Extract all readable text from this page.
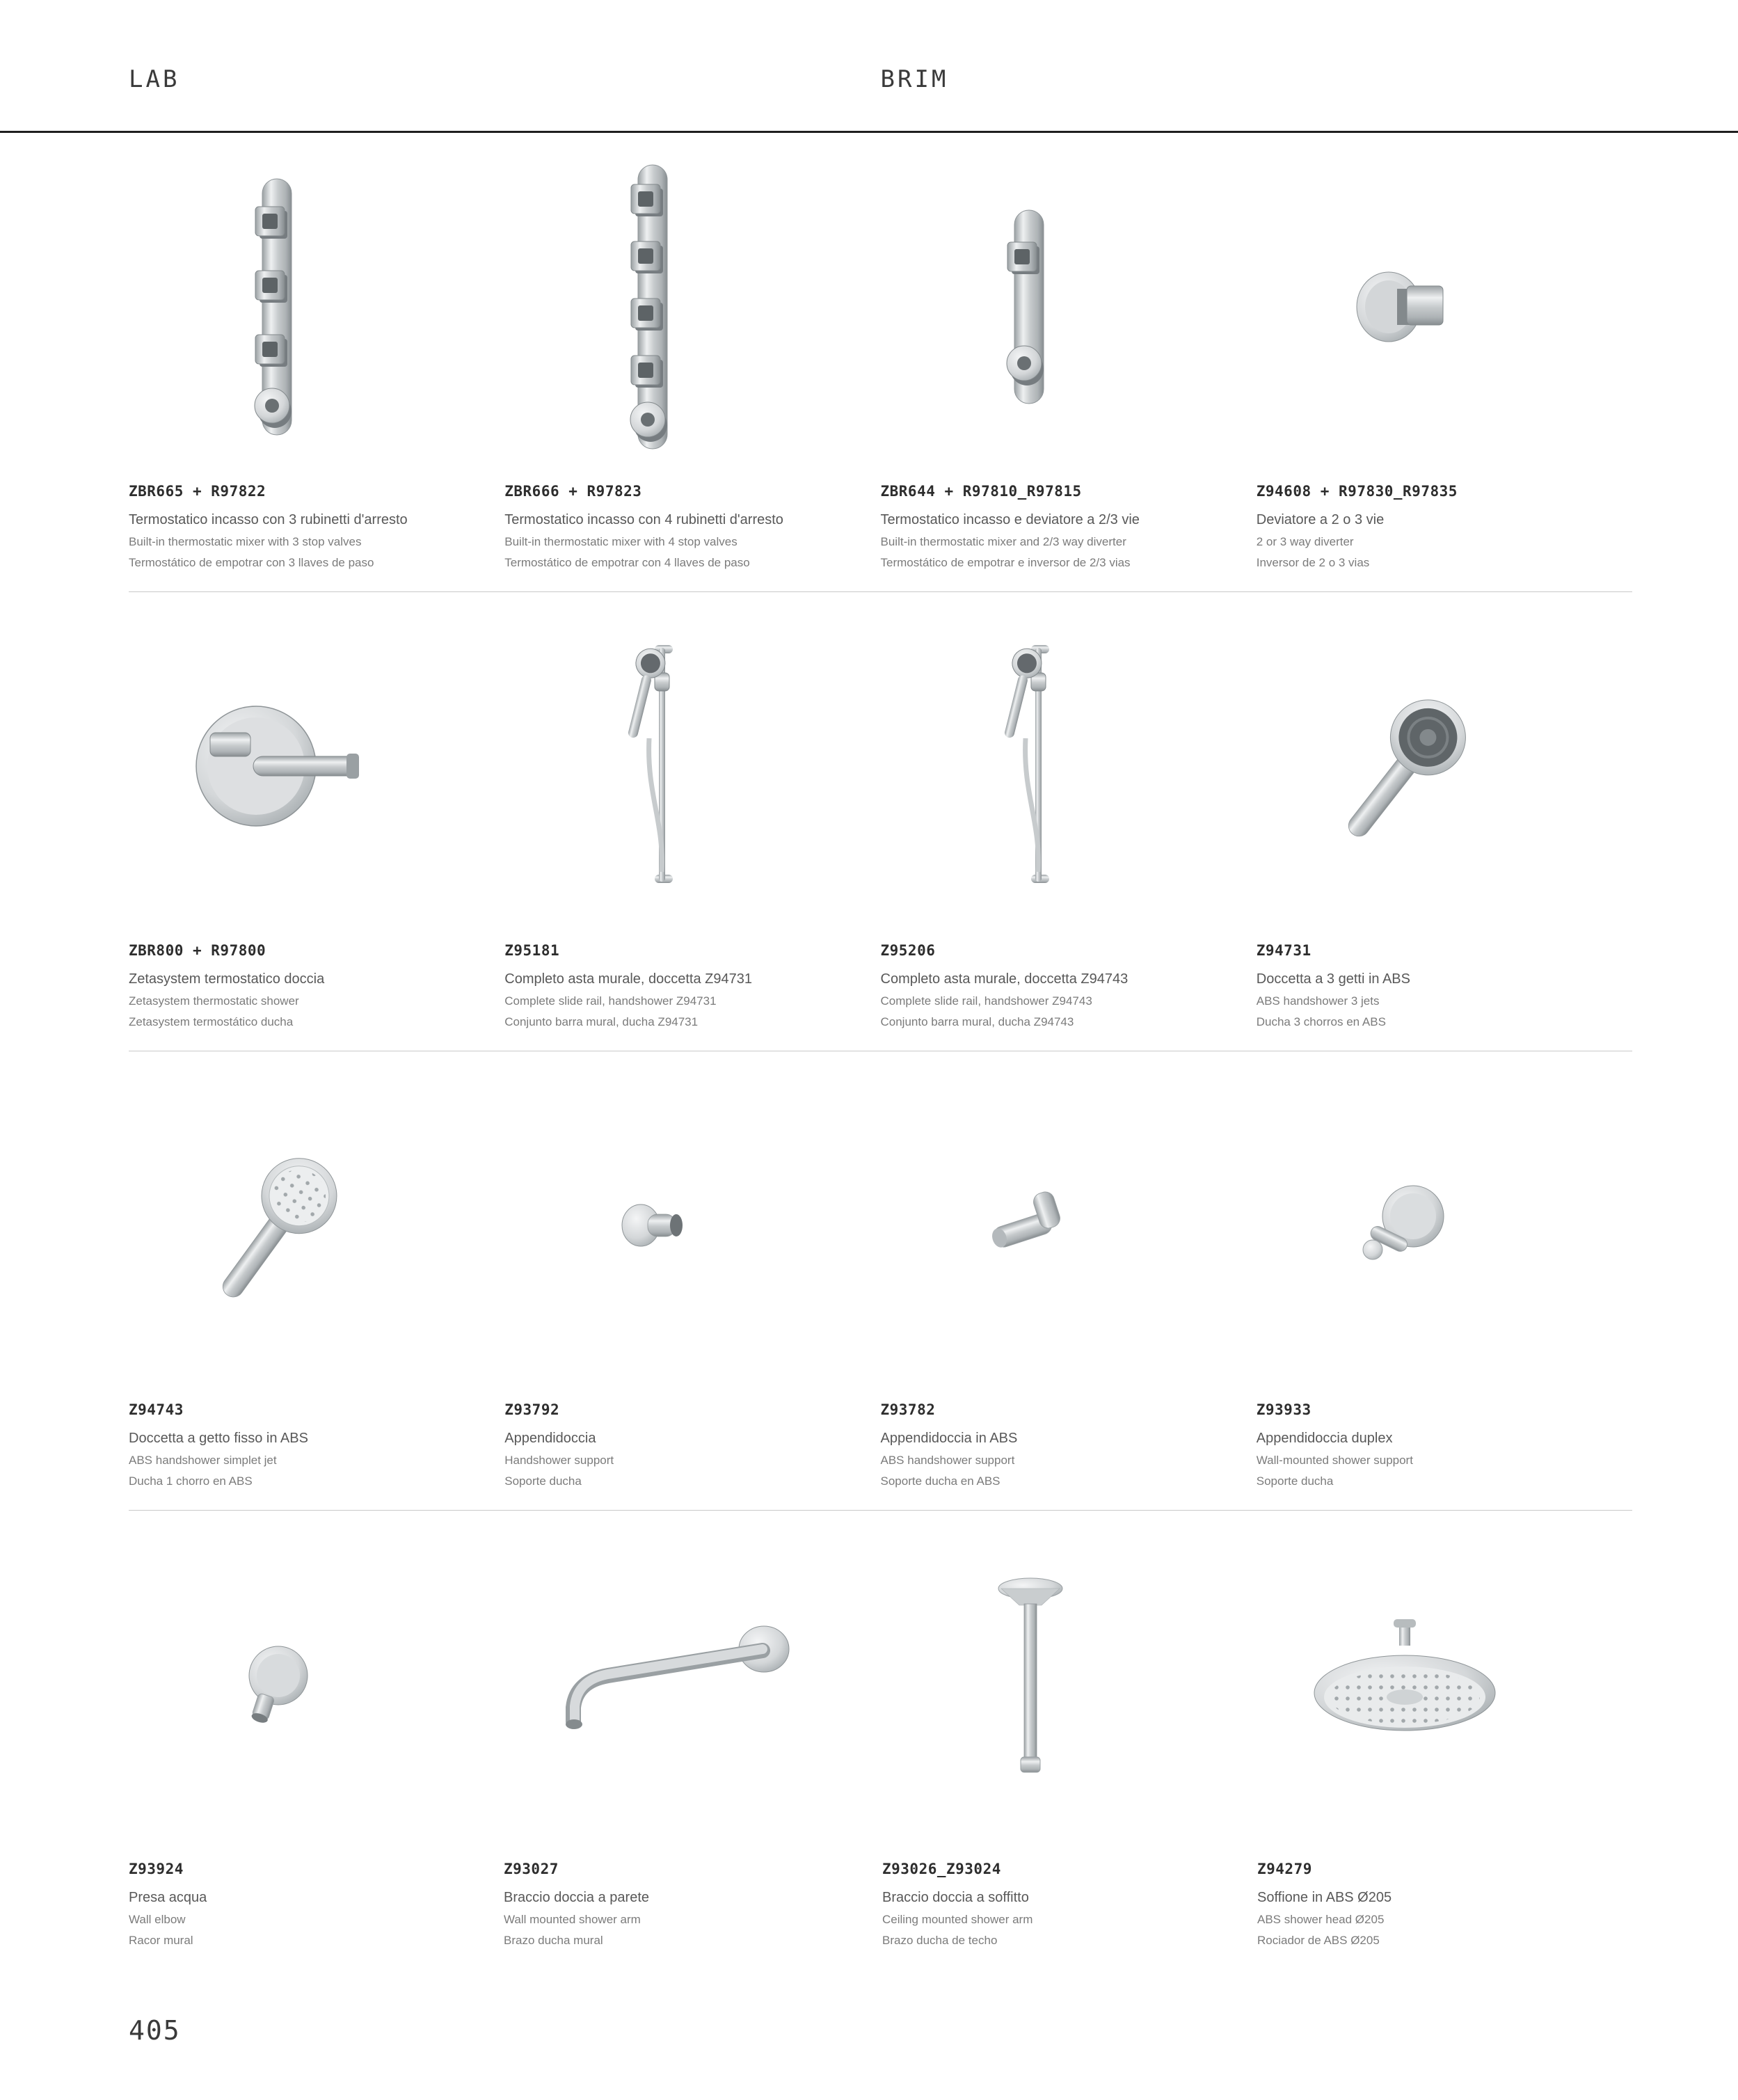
LAB	BRIM
ZBR665 + R97822
Termostatico incasso con 3 rubinetti d'arresto
Built-in thermostatic mixer with 3 stop valves
Termostático de empotrar con 3 llaves de paso
ZBR666 + R97823
Termostatico incasso con 4 rubinetti d'arresto
Built-in thermostatic mixer with 4 stop valves
Termostático de empotrar con 4 llaves de paso
ZBR644 + R97810_R97815
Termostatico incasso e deviatore a 2/3 vie
Built-in thermostatic mixer and 2/3 way diverter
Termostático de empotrar e inversor de 2/3 vias
Z94608 + R97830_R97835
Deviatore a 2 o 3 vie
2 or 3 way diverter
Inversor de 2 o 3 vias
ZBR800 + R97800
Zetasystem termostatico doccia
Zetasystem thermostatic shower
Zetasystem termostático ducha
Z95181
Completo asta murale, doccetta Z94731
Complete slide rail, handshower Z94731
Conjunto barra mural, ducha Z94731
Z95206
Completo asta murale, doccetta Z94743
Complete slide rail, handshower Z94743
Conjunto barra mural, ducha Z94743
Z94731
Doccetta a 3 getti in ABS
ABS handshower 3 jets
Ducha 3 chorros en ABS
Z94743
Doccetta a getto fisso in ABS
ABS handshower simplet jet
Ducha 1 chorro en ABS
Z93792
Appendidoccia
Handshower support
Soporte ducha
Z93782
Appendidoccia in ABS
ABS handshower support
Soporte ducha en ABS
Z93933
Appendidoccia duplex
Wall-mounted shower support
Soporte ducha
Z93924
Presa acqua
Wall elbow
Racor mural
Z93027
Braccio doccia a parete
Wall mounted shower arm
Brazo ducha mural
Z93026_Z93024
Braccio doccia a soffitto
Ceiling mounted shower arm
Brazo ducha de techo
Z94279
Soffione in ABS Ø205
ABS shower head Ø205
Rociador de ABS Ø205
405
